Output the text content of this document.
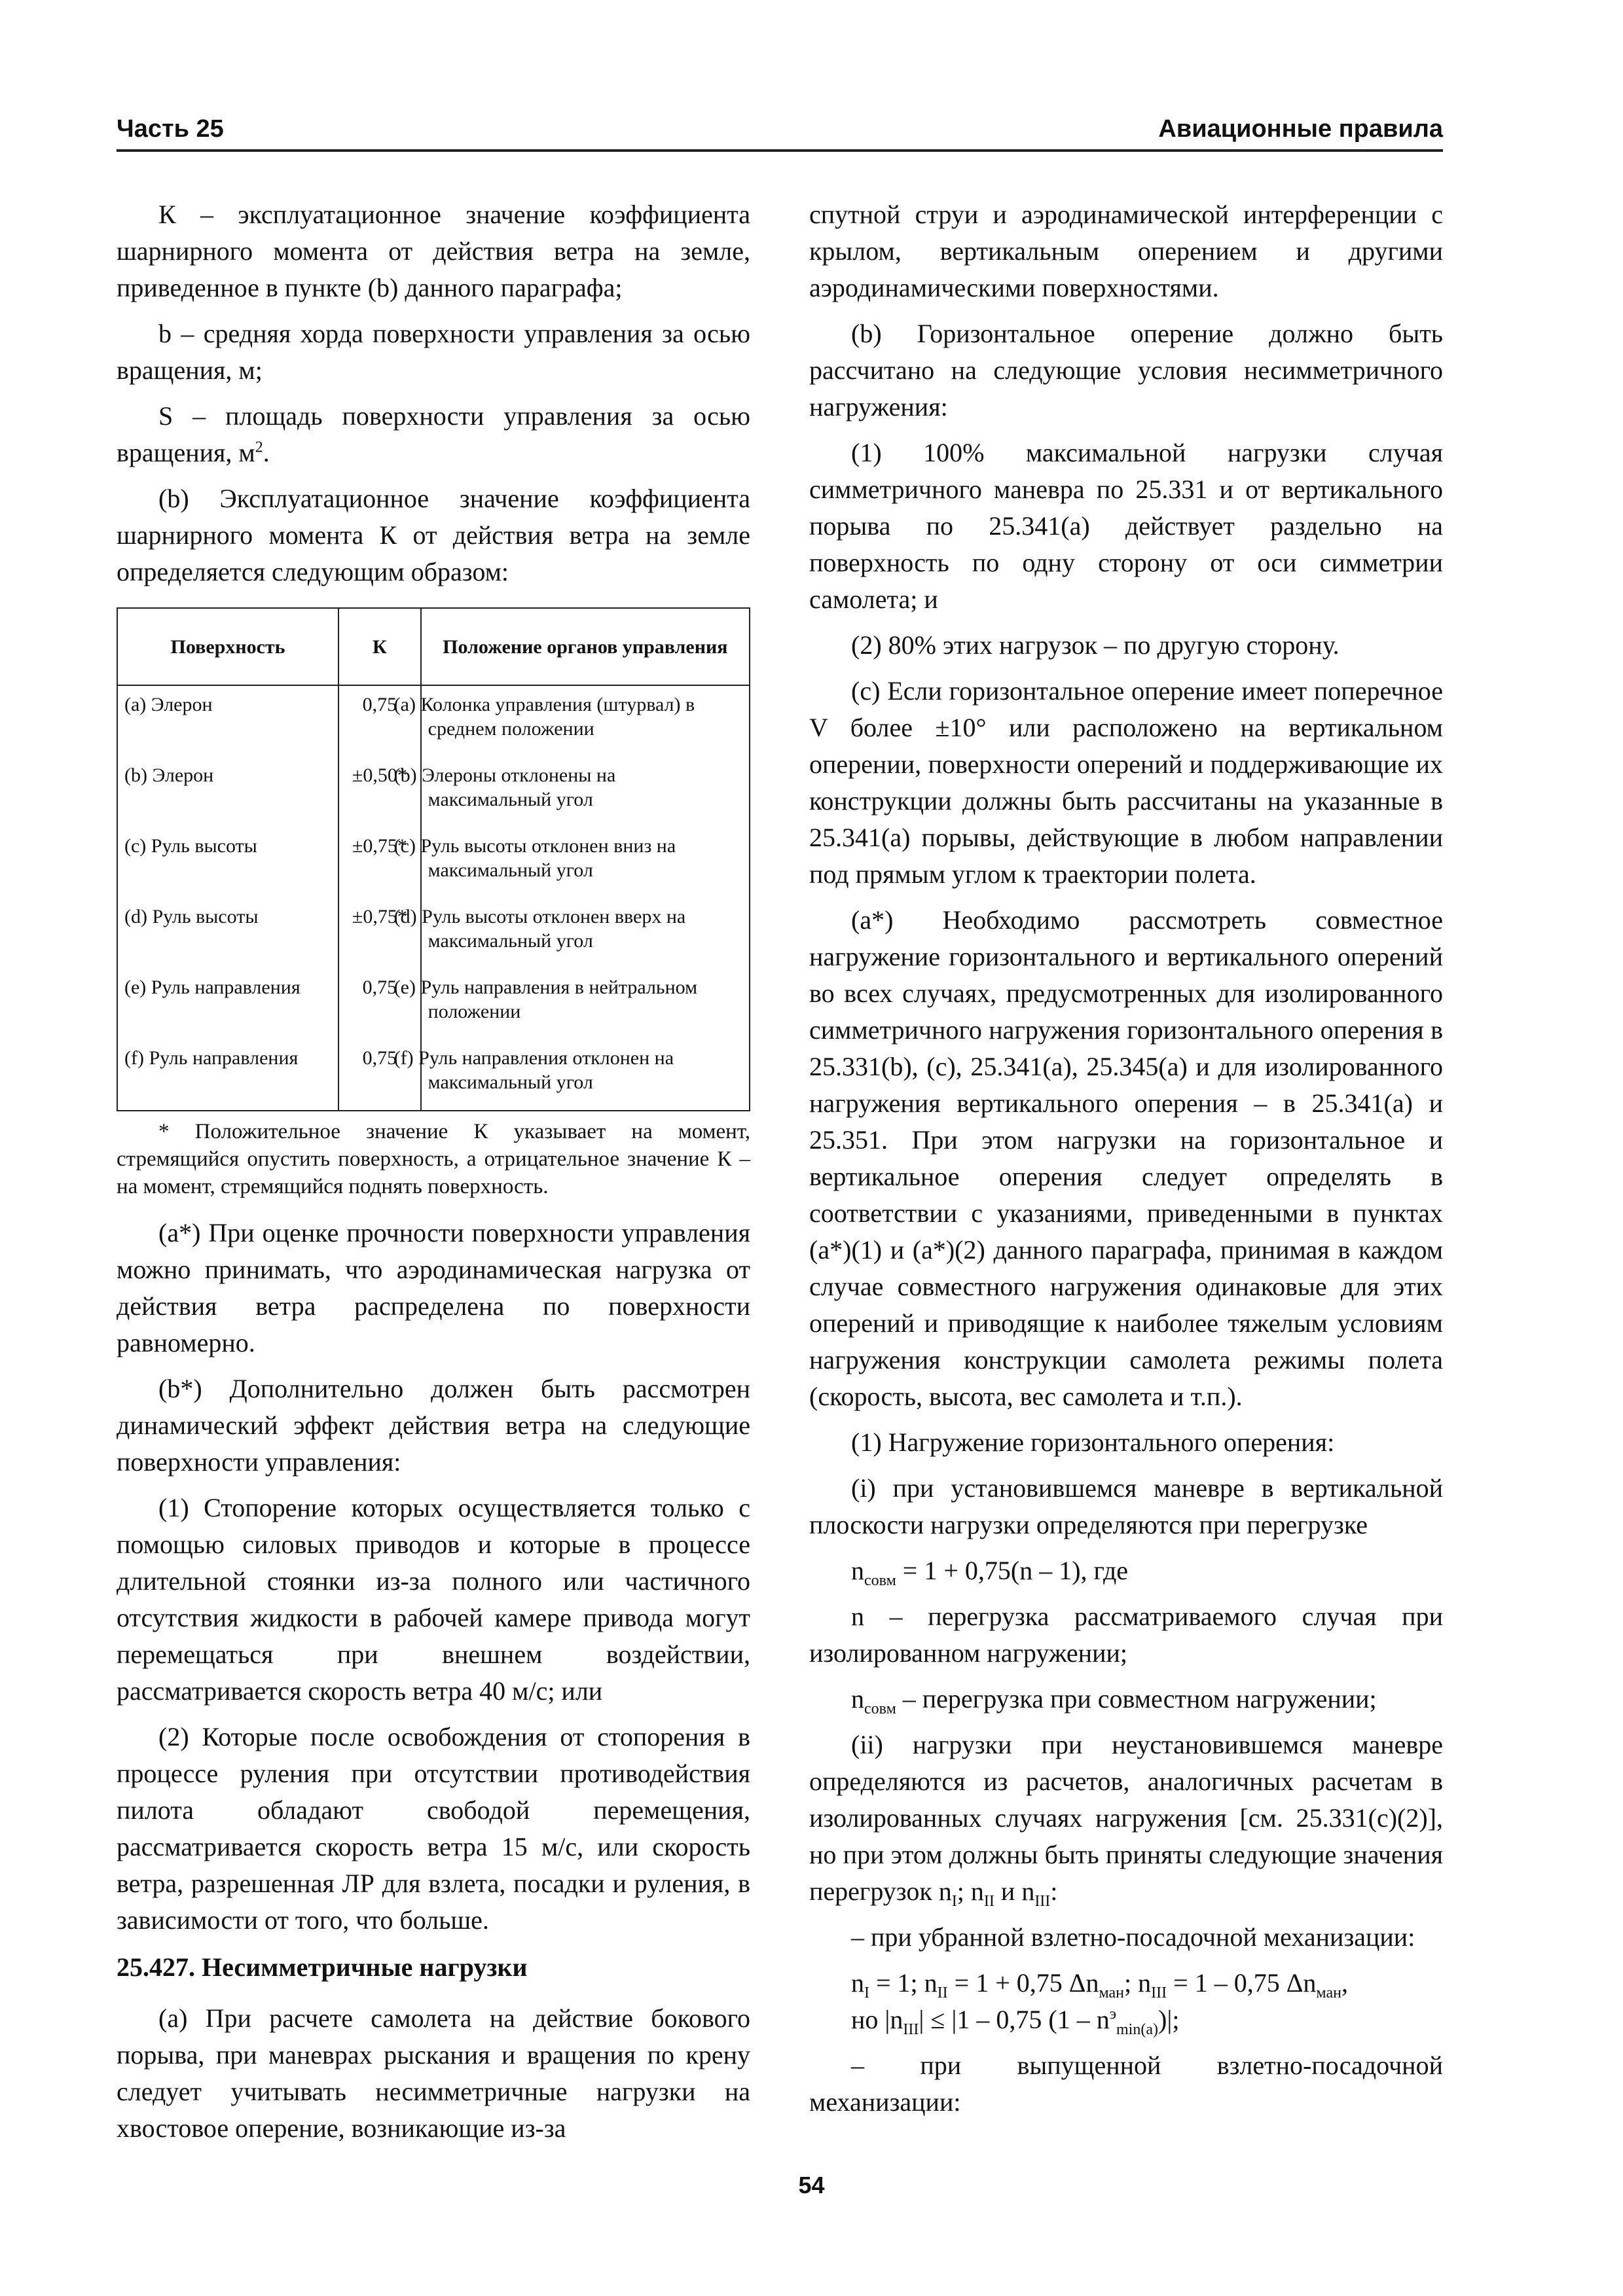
Часть 25	Авиационные правила

К – эксплуатационное значение коэффициента шарнирного момента от действия ветра на земле, приведенное в пункте (b) данного параграфа;

b – средняя хорда поверхности управления за осью вращения, м;

S – площадь поверхности управления за осью вращения, $м^2$.

(b) Эксплуатационное значение коэффициента шарнирного момента К от действия ветра на земле определяется следующим образом:

Поверхность	К	Положение органов управления
(a) Элерон	0,75	(a) Колонка управления (штурвал) в среднем положении
(b) Элерон	±0,50*	(b) Элероны отклонены на максимальный угол
(c) Руль высоты	±0,75*	(c) Руль высоты отклонен вниз на максимальный угол
(d) Руль высоты	±0,75*	(d) Руль высоты отклонен вверх на максимальный угол
(e) Руль направления	0,75	(e) Руль направления в нейтральном положении
(f) Руль направления	0,75	(f) Руль направления отклонен на максимальный угол
* Положительное значение К указывает на момент, стремящийся опустить поверхность, а отрицательное значение К – на момент, стремящийся поднять поверхность.

(a*) При оценке прочности поверхности управления можно принимать, что аэродинамическая нагрузка от действия ветра распределена по поверхности равномерно.

(b*) Дополнительно должен быть рассмотрен динамический эффект действия ветра на следующие поверхности управления:

(1) Стопорение которых осуществляется только с помощью силовых приводов и которые в процессе длительной стоянки из-за полного или частичного отсутствия жидкости в рабочей камере привода могут перемещаться при внешнем воздействии, рассматривается скорость ветра 40 м/с; или

(2) Которые после освобождения от стопорения в процессе руления при отсутствии противодействия пилота обладают свободой перемещения, рассматривается скорость ветра 15 м/с, или скорость ветра, разрешенная ЛР для взлета, посадки и руления, в зависимости от того, что больше.

25.427. Несимметричные нагрузки

(a) При расчете самолета на действие бокового порыва, при маневрах рыскания и вращения по крену следует учитывать несимметричные нагрузки на хвостовое оперение, возникающие из-за

спутной струи и аэродинамической интерференции с крылом, вертикальным оперением и другими аэродинамическими поверхностями.

(b) Горизонтальное оперение должно быть рассчитано на следующие условия несимметричного нагружения:

(1) 100% максимальной нагрузки случая симметричного маневра по 25.331 и от вертикального порыва по 25.341(a) действует раздельно на поверхность по одну сторону от оси симметрии самолета; и

(2) 80% этих нагрузок – по другую сторону.

(c) Если горизонтальное оперение имеет поперечное V более ±10° или расположено на вертикальном оперении, поверхности оперений и поддерживающие их конструкции должны быть рассчитаны на указанные в 25.341(a) порывы, действующие в любом направлении под прямым углом к траектории полета.

(a*) Необходимо рассмотреть совместное нагружение горизонтального и вертикального оперений во всех случаях, предусмотренных для изолированного симметричного нагружения горизонтального оперения в 25.331(b), (c), 25.341(a), 25.345(a) и для изолированного нагружения вертикального оперения – в 25.341(a) и 25.351. При этом нагрузки на горизонтальное и вертикальное оперения следует определять в соответствии с указаниями, приведенными в пунктах (a*)(1) и (a*)(2) данного параграфа, принимая в каждом случае совместного нагружения одинаковые для этих оперений и приводящие к наиболее тяжелым условиям нагружения конструкции самолета режимы полета (скорость, высота, вес самолета и т.п.).

(1) Нагружение горизонтального оперения:

(i) при установившемся маневре в вертикальной плоскости нагрузки определяются при перегрузке

$n_{совм} = 1 + 0,75(n - 1)$, где

n – перегрузка рассматриваемого случая при изолированном нагружении;

$n_{совм}$ – перегрузка при совместном нагружении;

(ii) нагрузки при неустановившемся маневре определяются из расчетов, аналогичных расчетам в изолированных случаях нагружения [см. 25.331(c)(2)], но при этом должны быть приняты следующие значения перегрузок $n_I$; $n_{II}$ и $n_{III}$:

– при убранной взлетно-посадочной механизации:

$n_I = 1$; $n_{II} = 1 + 0,75$ $\Delta n_{ман}$; $n_{III} = 1 - 0,75$ $\Delta n_{ман}$,

но $|n_{III}| \le |1 - 0,75$ $(1 - n^э_{min(a)})|$;

– при выпущенной взлетно-посадочной механизации:

54
